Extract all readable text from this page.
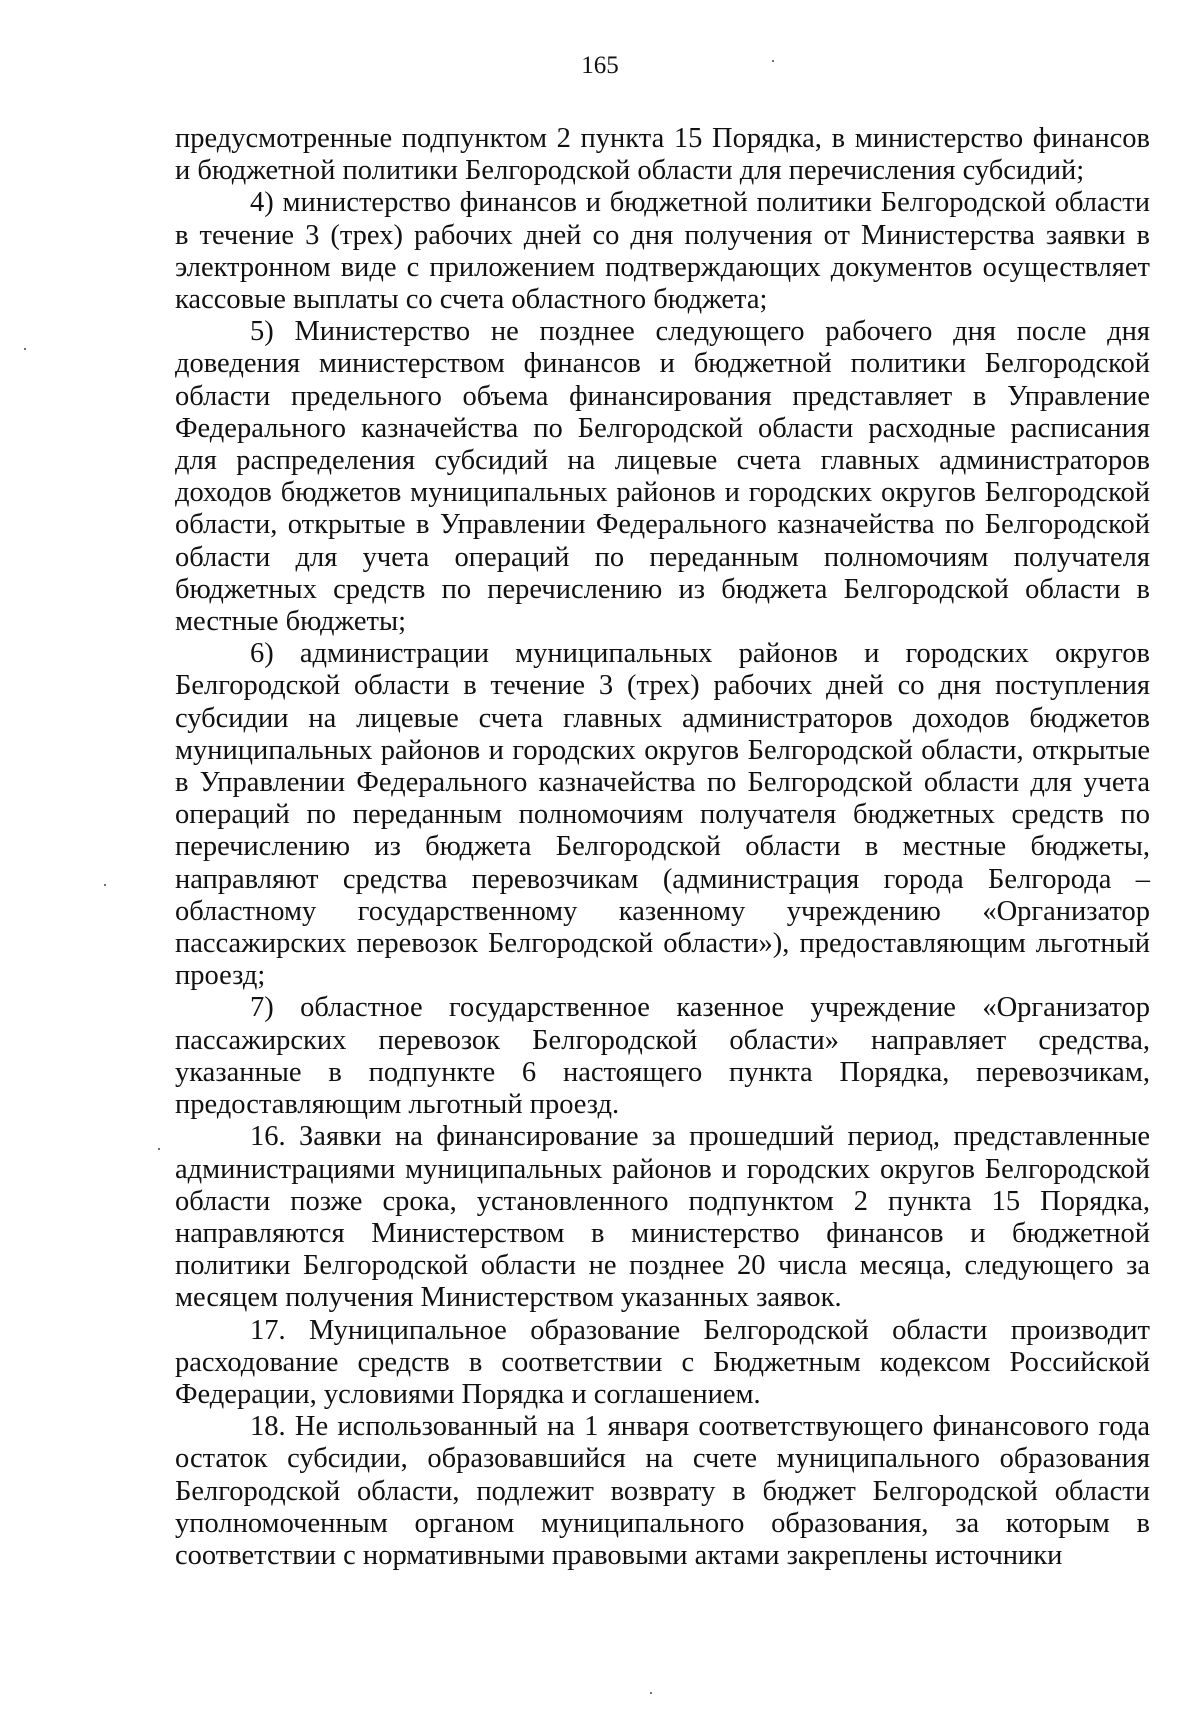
165

предусмотренные подпунктом 2 пункта 15 Порядка, в министерство финансов и бюджетной политики Белгородской области для перечисления субсидий;

4) министерство финансов и бюджетной политики Белгородской области в течение 3 (трех) рабочих дней со дня получения от Министерства заявки в электронном виде с приложением подтверждающих документов осуществляет кассовые выплаты со счета областного бюджета;

5) Министерство не позднее следующего рабочего дня после дня доведения министерством финансов и бюджетной политики Белгородской области предельного объема финансирования представляет в Управление Федерального казначейства по Белгородской области расходные расписания для распределения субсидий на лицевые счета главных администраторов доходов бюджетов муниципальных районов и городских округов Белгородской области, открытые в Управлении Федерального казначейства по Белгородской области для учета операций по переданным полномочиям получателя бюджетных средств по перечислению из бюджета Белгородской области в местные бюджеты;

6) администрации муниципальных районов и городских округов Белгородской области в течение 3 (трех) рабочих дней со дня поступления субсидии на лицевые счета главных администраторов доходов бюджетов муниципальных районов и городских округов Белгородской области, открытые в Управлении Федерального казначейства по Белгородской области для учета операций по переданным полномочиям получателя бюджетных средств по перечислению из бюджета Белгородской области в местные бюджеты, направляют средства перевозчикам (администрация города Белгорода – областному государственному казенному учреждению «Организатор пассажирских перевозок Белгородской области»), предоставляющим льготный проезд;

7) областное государственное казенное учреждение «Организатор пассажирских перевозок Белгородской области» направляет средства, указанные в подпункте 6 настоящего пункта Порядка, перевозчикам, предоставляющим льготный проезд.

16. Заявки на финансирование за прошедший период, представленные администрациями муниципальных районов и городских округов Белгородской области позже срока, установленного подпунктом 2 пункта 15 Порядка, направляются Министерством в министерство финансов и бюджетной политики Белгородской области не позднее 20 числа месяца, следующего за месяцем получения Министерством указанных заявок.

17. Муниципальное образование Белгородской области производит расходование средств в соответствии с Бюджетным кодексом Российской Федерации, условиями Порядка и соглашением.

18. Не использованный на 1 января соответствующего финансового года остаток субсидии, образовавшийся на счете муниципального образования Белгородской области, подлежит возврату в бюджет Белгородской области уполномоченным органом муниципального образования, за которым в соответствии с нормативными правовыми актами закреплены источники
